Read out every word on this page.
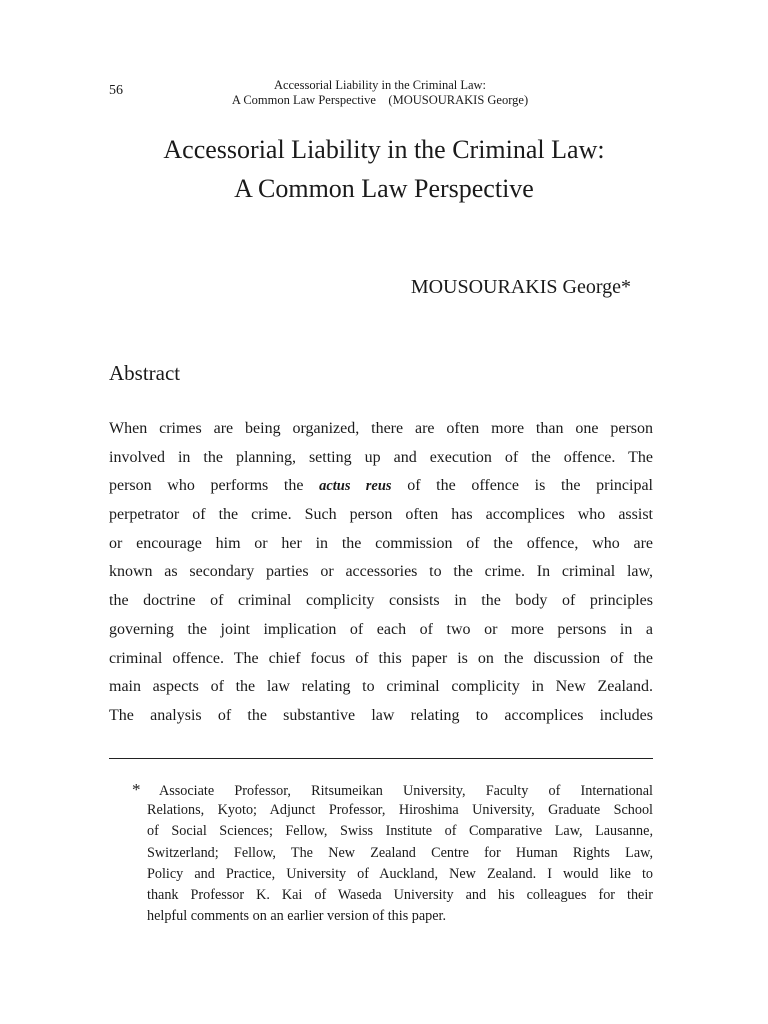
56	Accessorial Liability in the Criminal Law:
A Common Law Perspective　(MOUSOURAKIS George)
Accessorial Liability in the Criminal Law:
A Common Law Perspective
MOUSOURAKIS George*
Abstract
When crimes are being organized, there are often more than one person
involved in the planning, setting up and execution of the offence. The
person who performs the actus reus of the offence is the principal
perpetrator of the crime. Such person often has accomplices who assist
or encourage him or her in the commission of the offence, who are
known as secondary parties or accessories to the crime. In criminal law,
the doctrine of criminal complicity consists in the body of principles
governing the joint implication of each of two or more persons in a
criminal offence. The chief focus of this paper is on the discussion of the
main aspects of the law relating to criminal complicity in New Zealand.
The analysis of the substantive law relating to accomplices includes
* Associate Professor, Ritsumeikan University, Faculty of International
Relations, Kyoto; Adjunct Professor, Hiroshima University, Graduate School
of Social Sciences; Fellow, Swiss Institute of Comparative Law, Lausanne,
Switzerland; Fellow, The New Zealand Centre for Human Rights Law,
Policy and Practice, University of Auckland, New Zealand. I would like to
thank Professor K. Kai of Waseda University and his colleagues for their
helpful comments on an earlier version of this paper.
